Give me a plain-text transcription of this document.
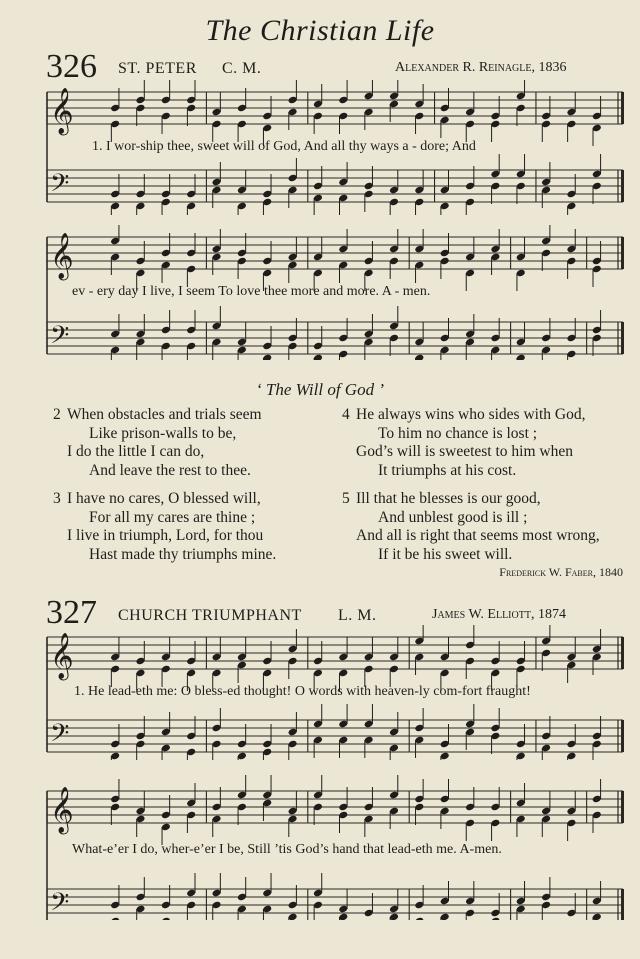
The Christian Life
326 ST. PETER C. M.	Alexander R. Reinagle, 1836
𝄞
𝄢
1. I wor-ship thee, sweet will of God, And all thy ways a - dore; And
𝄞
𝄢
ev - ery day I live, I seem To love thee more and more. A - men.
‘ The Will of God ’
2 When obstacles and trials seem
Like prison-walls to be,
I do the little I can do,
And leave the rest to thee.
3 I have no cares, O blessed will,
For all my cares are thine ;
I live in triumph, Lord, for thou
Hast made thy triumphs mine.
4 He always wins who sides with God,
To him no chance is lost ;
God’s will is sweetest to him when
It triumphs at his cost.
5 Ill that he blesses is our good,
And unblest good is ill ;
And all is right that seems most wrong,
If it be his sweet will.
Frederick W. Faber, 1840
327 CHURCH TRIUMPHANT L. M.	James W. Elliott, 1874
𝄞
𝄢
1. He lead-eth me: O bless-ed thought! O words with heaven-ly com-fort fraught!
𝄞
𝄢
What-e’er I do, wher-e’er I be, Still ’tis God’s hand that lead-eth me. A-men.
